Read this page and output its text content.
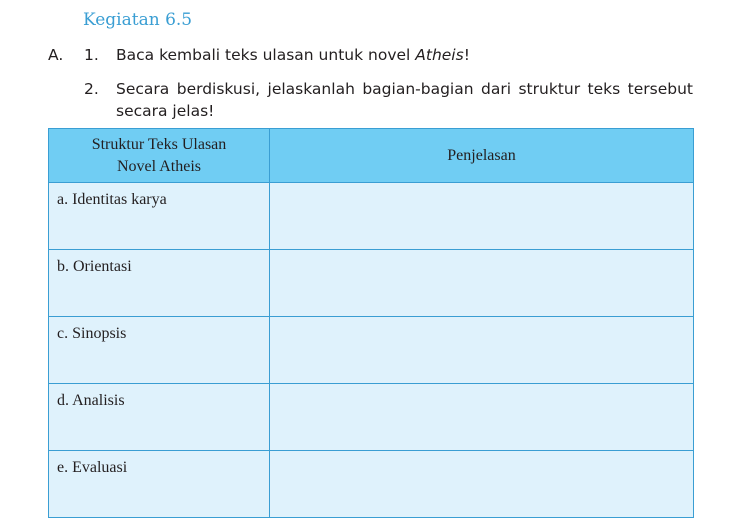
Kegiatan 6.5
A. 1. Baca kembali teks ulasan untuk novel Atheis!
2. Secara berdiskusi, jelaskanlah bagian-bagian dari struktur teks tersebut secara jelas!
Struktur Teks Ulasan
Novel Atheis	Penjelasan
a. Identitas karya	
b. Orientasi	
c. Sinopsis	
d. Analisis	
e. Evaluasi	
